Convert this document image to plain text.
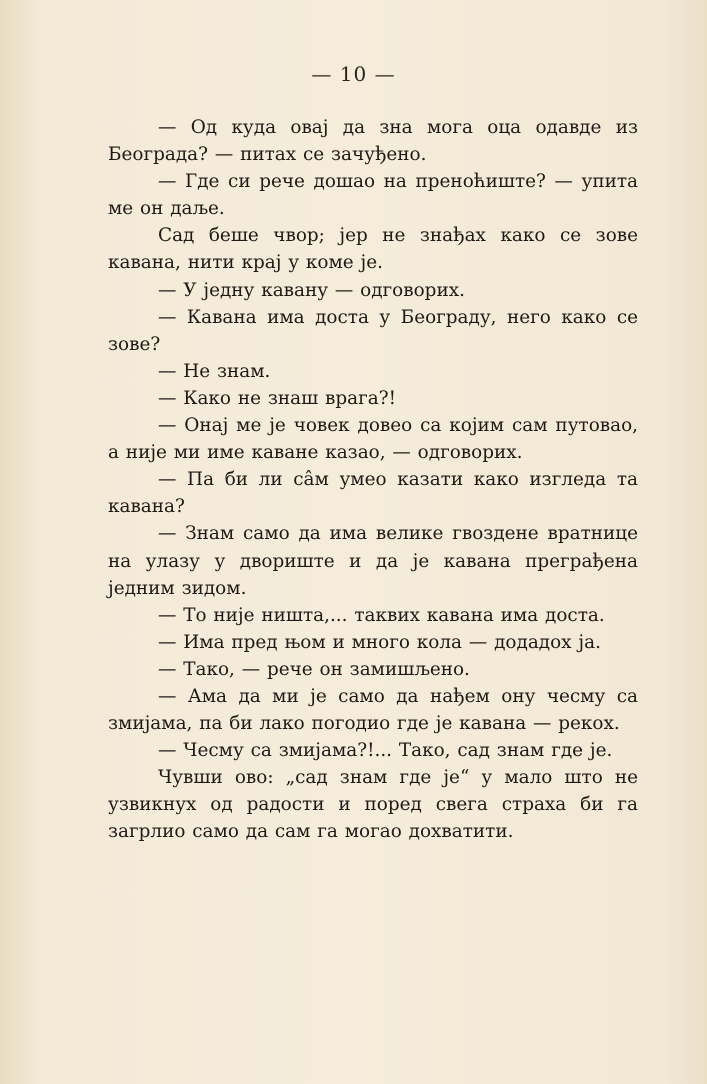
— 10 —

— Од куда овај да зна мога оца одавде из Београда? — питах се зачуђено.

— Где си рече дошао на преноћиште? — упита ме он даље.

Сад беше чвор; јер не знађах како се зове кавана, нити крај у коме је.

— У једну кавану — одговорих.

— Кавана има доста у Београду, него како се зове?

— Не знам.

— Како не знаш врага?!

— Онај ме је човек довео са којим сам путовао, а није ми име каване казао, — одговорих.

— Па би ли сâм умео казати како изгледа та кавана?

— Знам само да има велике гвоздене вратнице на улазу у двориште и да је кавана преграђена једним зидом.

— То није ништа,... таквих кавана има доста.

— Има пред њом и много кола — додадох ја.

— Тако, — рече он замишљено.

— Ама да ми је само да нађем ону чесму са змијама, па би лако погодио где је кавана — рекох.

— Чесму са змијама?!... Тако, сад знам где је.

Чувши ово: „сад знам где је“ у мало што не узвикнух од радости и поред свега страха би га загрлио само да сам га могао дохватити.
